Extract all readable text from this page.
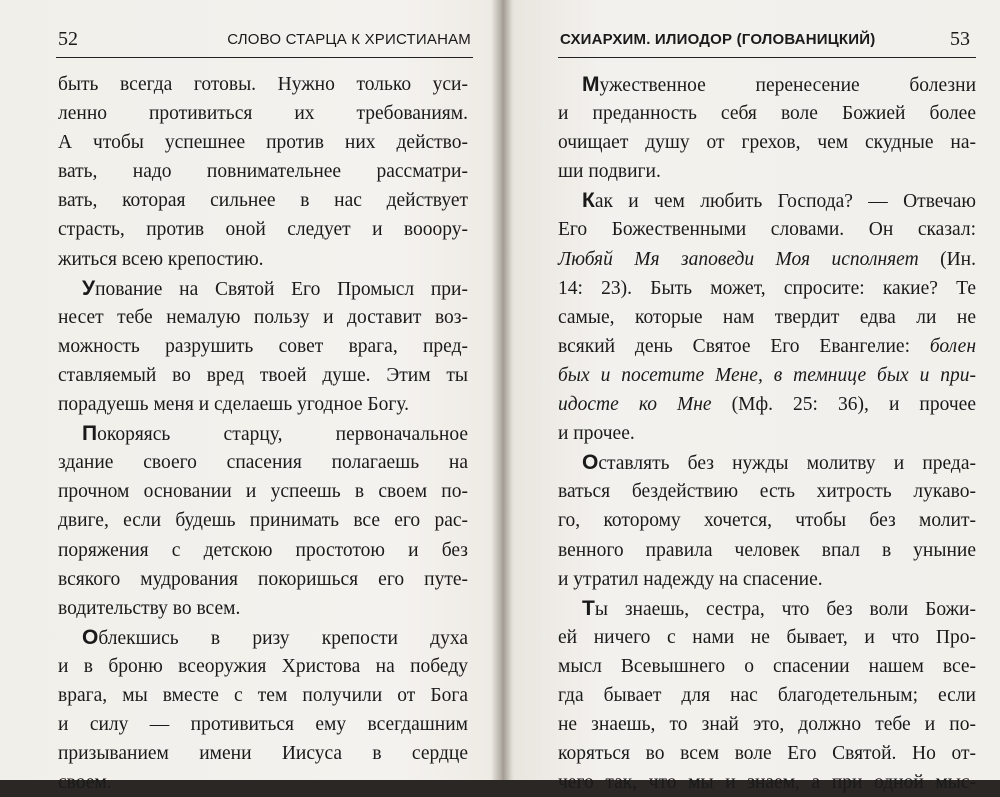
52	СЛОВО СТАРЦА К ХРИСТИАНАМ
быть всегда готовы. Нужно только уси-
ленно противиться их требованиям.
А чтобы успешнее против них действо-
вать, надо повнимательнее рассматри-
вать, которая сильнее в нас действует
страсть, против оной следует и вооору-
житься всею крепостию.
Упование на Святой Его Промысл при-
несет тебе немалую пользу и доставит воз-
можность разрушить совет врага, пред-
ставляемый во вред твоей душе. Этим ты
порадуешь меня и сделаешь угодное Богу.
Покоряясь старцу, первоначальное
здание своего спасения полагаешь на
прочном основании и успеешь в своем по-
двиге, если будешь принимать все его рас-
поряжения с детскою простотою и без
всякого мудрования покоришься его путе-
водительству во всем.
Облекшись в ризу крепости духа
и в броню всеоружия Христова на победу
врага, мы вместе с тем получили от Бога
и силу — противиться ему всегдашним
призыванием имени Иисуса в сердце
своем.
СХИАРХИМ. ИЛИОДОР (ГОЛОВАНИЦКИЙ)	53
Мужественное перенесение болезни
и преданность себя воле Божией более
очищает душу от грехов, чем скудные на-
ши подвиги.
Как и чем любить Господа? — Отвечаю
Его Божественными словами. Он сказал:
Любяй Мя заповеди Моя исполняет (Ин.
14: 23). Быть может, спросите: какие? Те
самые, которые нам твердит едва ли не
всякий день Святое Его Евангелие: болен
бых и посетите Мене, в темнице бых и при-
идосте ко Мне (Мф. 25: 36), и прочее
и прочее.
Оставлять без нужды молитву и преда-
ваться бездействию есть хитрость лукаво-
го, которому хочется, чтобы без молит-
венного правила человек впал в уныние
и утратил надежду на спасение.
Ты знаешь, сестра, что без воли Божи-
ей ничего с нами не бывает, и что Про-
мысл Всевышнего о спасении нашем все-
гда бывает для нас благодетельным; если
не знаешь, то знай это, должно тебе и по-
коряться во всем воле Его Святой. Но от-
чего так, что мы и знаем, а при одной мыс-
